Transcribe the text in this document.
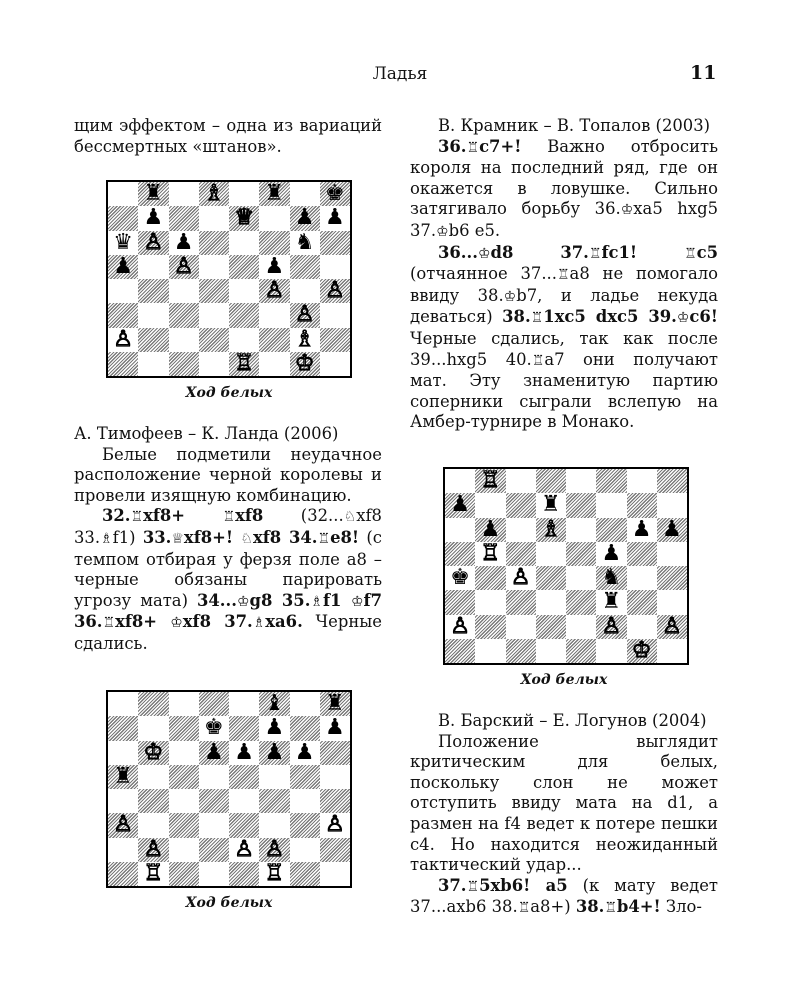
Ладья	11

щим эффектом – одна из вариаций бессмертных «штанов».

♜ ♗ ♜ ♚
♟	♕ ♟ ♟
♛ ♙ ♟	♞
♟ ♙	♟
♙ ♙
♙
♙	♗
♖ ♔
Ход белых

А. Тимофеев – К. Ланда (2006)

Белые подметили неудачное расположение черной королевы и провели изящную комбинацию.

32.♖xf8+	♖xf8 (32...♘xf8 33.♗f1) 33.♕xf8+! ♘xf8 34.♖e8! (с темпом отбирая у ферзя поле a8 – черные обязаны парировать угрозу мата) 34...♔g8 35.♗f1 ♔f7 36.♖xf8+ ♔xf8 37.♗xa6. Черные сдались.

♝ ♜
♚ ♟ ♟
♔ ♟ ♟ ♟ ♟
♜
♙	♙
♙	♙ ♙
♖	♖
Ход белых

В. Крамник – В. Топалов (2003)

36.♖c7+! Важно отбросить короля на последний ряд, где он окажется в ловушке. Сильно затягивало борьбу 36.♔xa5 hxg5 37.♔b6 e5.

36...♔d8 37.♖fc1! ♖c5 (отчаянное 37...♖a8 не помогало ввиду 38.♔b7, и ладье некуда деваться) 38.♖1xc5 dxc5 39.♔c6! Черные сдались, так как после 39...hxg5 40.♖a7 они получают мат. Эту знаменитую партию соперники сыграли вслепую на Амбер-турнире в Монако.

♖
♟	♜
♟ ♗	♟ ♟
♖	♟
♚ ♙	♞
♜
♙	♙ ♙
♔
Ход белых

В. Барский – Е. Логунов (2004)

Положение выглядит критическим для белых, поскольку слон не может отступить ввиду мата на d1, а размен на f4 ведет к потере пешки c4. Но находится неожиданный тактический удар...

37.♖5xb6! a5 (к мату ведет 37...axb6 38.♖a8+) 38.♖b4+! Зло-
